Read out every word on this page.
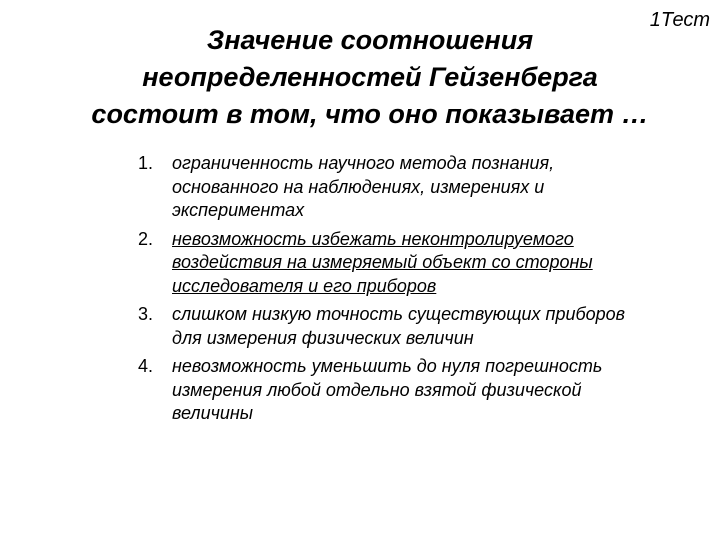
1Тест
Значение соотношения
неопределенностей Гейзенберга
состоит в том, что оно показывает …
1. ограниченность научного метода познания,
основанного на наблюдениях, измерениях и
экспериментах
2. невозможность избежать неконтролируемого
воздействия на измеряемый объект со стороны
исследователя и его приборов
3. слишком низкую точность существующих приборов
для измерения физических величин
4. невозможность уменьшить до нуля погрешность
измерения любой отдельно взятой физической
величины
